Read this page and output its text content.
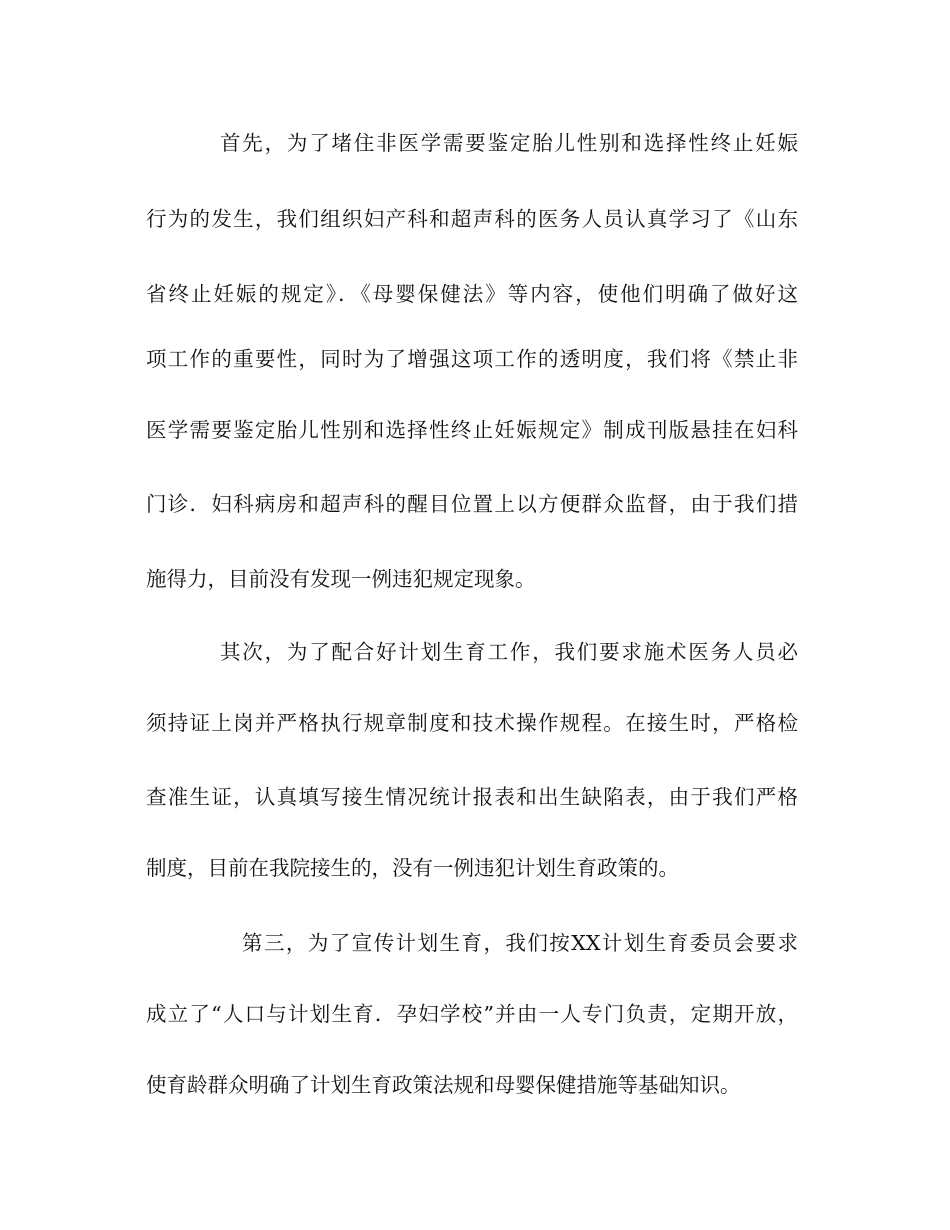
首先，为了堵住非医学需要鉴定胎儿性别和选择性终止妊娠
行为的发生，我们组织妇产科和超声科的医务人员认真学习了《山东
省终止妊娠的规定》．《母婴保健法》等内容，使他们明确了做好这
项工作的重要性，同时为了增强这项工作的透明度，我们将《禁止非
医学需要鉴定胎儿性别和选择性终止妊娠规定》制成刊版悬挂在妇科
门诊．妇科病房和超声科的醒目位置上以方便群众监督，由于我们措
施得力，目前没有发现一例违犯规定现象。
其次，为了配合好计划生育工作，我们要求施术医务人员必
须持证上岗并严格执行规章制度和技术操作规程。在接生时，严格检
查准生证，认真填写接生情况统计报表和出生缺陷表，由于我们严格
制度，目前在我院接生的，没有一例违犯计划生育政策的。
第三，为了宣传计划生育，我们按XX计划生育委员会要求
成立了“人口与计划生育．孕妇学校”并由一人专门负责，定期开放，
使育龄群众明确了计划生育政策法规和母婴保健措施等基础知识。
